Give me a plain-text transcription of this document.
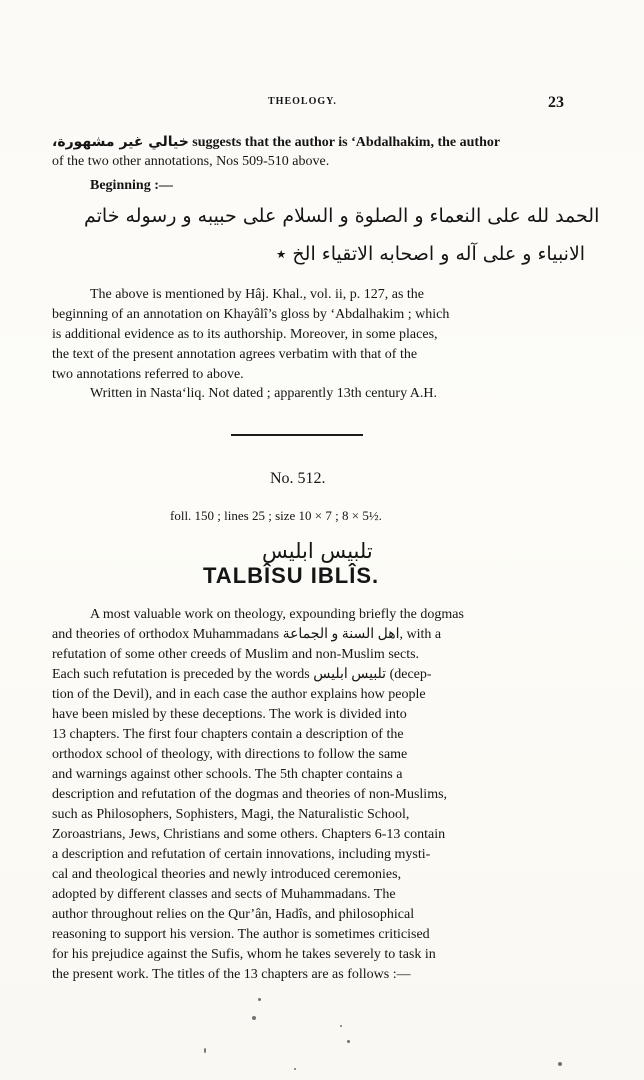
THEOLOGY.	23
خيالي غير مشهورة، suggests that the author is ‘Abdalhakim, the author
of the two other annotations, Nos 509-510 above.
Beginning :—
الحمد لله على النعماء و الصلوة و السلام على حبيبه و رسوله خاتم
الانبياء و على آله و اصحابه الاتقياء الخ ٭
The above is mentioned by Hâj. Khal., vol. ii, p. 127, as the
beginning of an annotation on Khayâlî’s gloss by ‘Abdalhakim ; which
is additional evidence as to its authorship. Moreover, in some places,
the text of the present annotation agrees verbatim with that of the
two annotations referred to above.
Written in Nasta‘liq. Not dated ; apparently 13th century A.H.
No. 512.
foll. 150 ; lines 25 ; size 10 × 7 ; 8 × 5½.
تلبيس ابليس
TALBÎSU IBLÎS.
A most valuable work on theology, expounding briefly the dogmas
and theories of orthodox Muhammadans اهل السنة و الجماعة, with a
refutation of some other creeds of Muslim and non-Muslim sects.
Each such refutation is preceded by the words تلبيس ابليس (decep-
tion of the Devil), and in each case the author explains how people
have been misled by these deceptions. The work is divided into
13 chapters. The first four chapters contain a description of the
orthodox school of theology, with directions to follow the same
and warnings against other schools. The 5th chapter contains a
description and refutation of the dogmas and theories of non-Muslims,
such as Philosophers, Sophisters, Magi, the Naturalistic School,
Zoroastrians, Jews, Christians and some others. Chapters 6-13 contain
a description and refutation of certain innovations, including mysti-
cal and theological theories and newly introduced ceremonies,
adopted by different classes and sects of Muhammadans. The
author throughout relies on the Qur’ân, Hadîs, and philosophical
reasoning to support his version. The author is sometimes criticised
for his prejudice against the Sufis, whom he takes severely to task in
the present work. The titles of the 13 chapters are as follows :—
